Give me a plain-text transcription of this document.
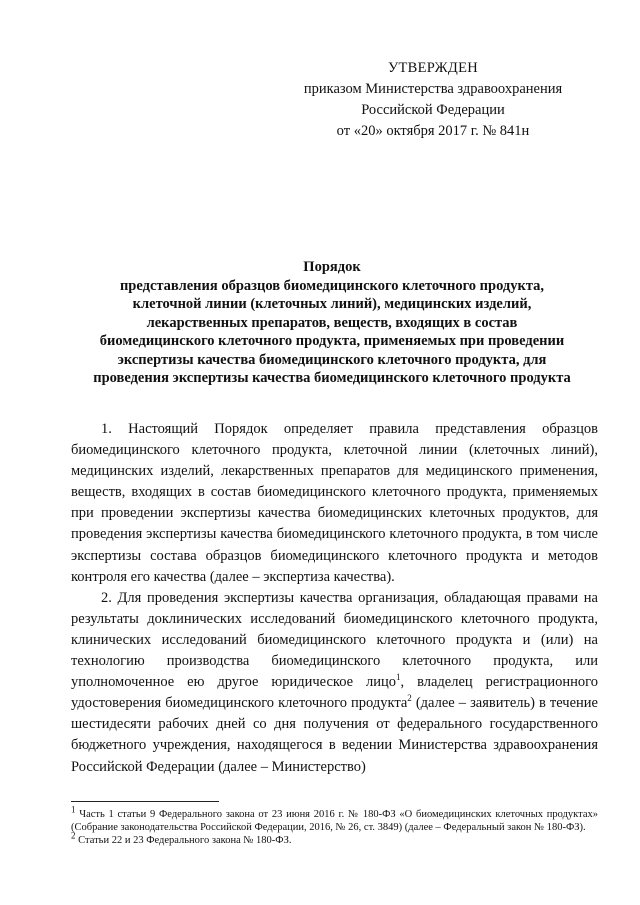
УТВЕРЖДЕН
приказом Министерства здравоохранения
Российской Федерации
от «20» октября 2017 г. № 841н
Порядок
представления образцов биомедицинского клеточного продукта,
клеточной линии (клеточных линий), медицинских изделий,
лекарственных препаратов, веществ, входящих в состав
биомедицинского клеточного продукта, применяемых при проведении
экспертизы качества биомедицинского клеточного продукта, для
проведения экспертизы качества биомедицинского клеточного продукта

1. Настоящий Порядок определяет правила представления образцов биомедицинского клеточного продукта, клеточной линии (клеточных линий), медицинских изделий, лекарственных препаратов для медицинского применения, веществ, входящих в состав биомедицинского клеточного продукта, применяемых при проведении экспертизы качества биомедицинских клеточных продуктов, для проведения экспертизы качества биомедицинского клеточного продукта, в том числе экспертизы состава образцов биомедицинского клеточного продукта и методов контроля его качества (далее – экспертиза качества).

2. Для проведения экспертизы качества организация, обладающая правами на результаты доклинических исследований биомедицинского клеточного продукта, клинических исследований биомедицинского клеточного продукта и (или) на технологию производства биомедицинского клеточного продукта, или уполномоченное ею другое юридическое лицо$^1$, владелец регистрационного удостоверения биомедицинского клеточного продукта$^2$ (далее – заявитель) в течение шестидесяти рабочих дней со дня получения от федерального государственного бюджетного учреждения, находящегося в ведении Министерства здравоохранения Российской Федерации (далее – Министерство)

$^1$ Часть 1 статьи 9 Федерального закона от 23 июня 2016 г. № 180-ФЗ «О биомедицинских клеточных продуктах» (Собрание законодательства Российской Федерации, 2016, № 26, ст. 3849) (далее – Федеральный закон № 180-ФЗ).

$^2$ Статьи 22 и 23 Федерального закона № 180-ФЗ.
